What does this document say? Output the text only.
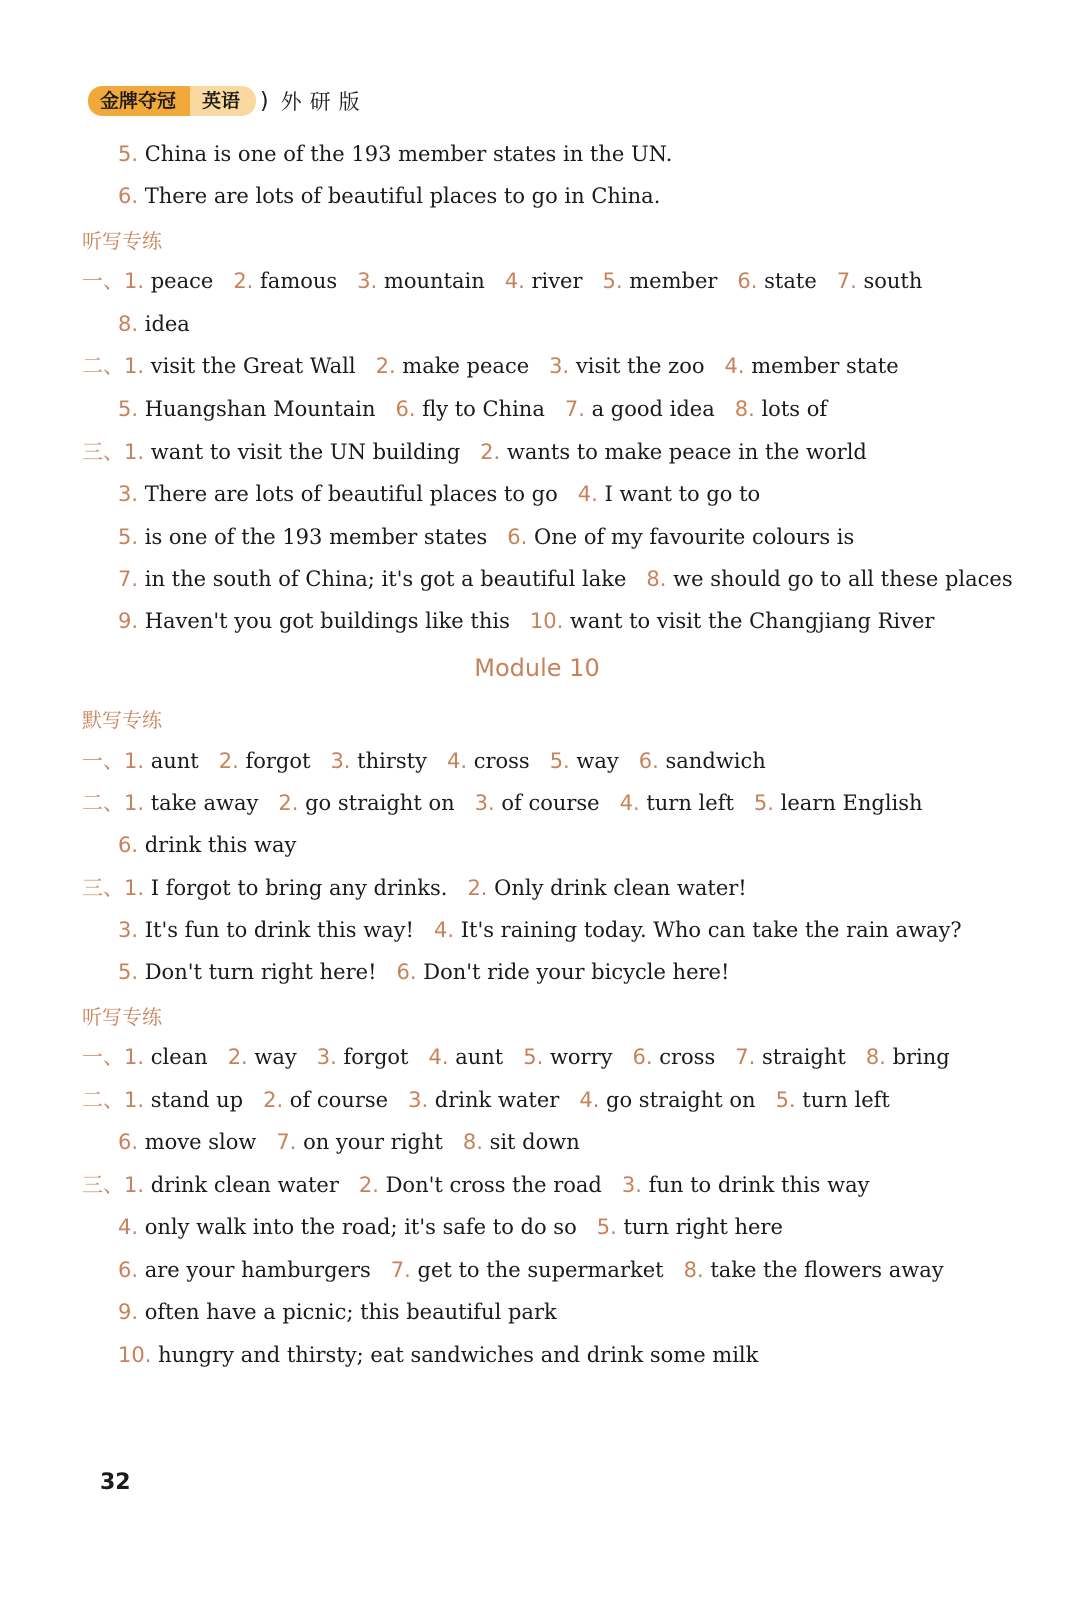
金牌夺冠	英语 ) 外研版
5. China is one of the 193 member states in the UN.
6. There are lots of beautiful places to go in China.
听写专练
一、1. peace 2. famous 3. mountain 4. river 5. member 6. state 7. south
8. idea
二、1. visit the Great Wall 2. make peace 3. visit the zoo 4. member state
5. Huangshan Mountain 6. fly to China 7. a good idea 8. lots of
三、1. want to visit the UN building 2. wants to make peace in the world
3. There are lots of beautiful places to go 4. I want to go to
5. is one of the 193 member states 6. One of my favourite colours is
7. in the south of China; it's got a beautiful lake 8. we should go to all these places
9. Haven't you got buildings like this 10. want to visit the Changjiang River
默写专练
一、1. aunt 2. forgot 3. thirsty 4. cross 5. way 6. sandwich
二、1. take away 2. go straight on 3. of course 4. turn left 5. learn English
6. drink this way
三、1. I forgot to bring any drinks. 2. Only drink clean water!
3. It's fun to drink this way! 4. It's raining today. Who can take the rain away?
5. Don't turn right here! 6. Don't ride your bicycle here!
听写专练
一、1. clean 2. way 3. forgot 4. aunt 5. worry 6. cross 7. straight 8. bring
二、1. stand up 2. of course 3. drink water 4. go straight on 5. turn left
6. move slow 7. on your right 8. sit down
三、1. drink clean water 2. Don't cross the road 3. fun to drink this way
4. only walk into the road; it's safe to do so 5. turn right here
6. are your hamburgers 7. get to the supermarket 8. take the flowers away
9. often have a picnic; this beautiful park
10. hungry and thirsty; eat sandwiches and drink some milk
Module 10
32
